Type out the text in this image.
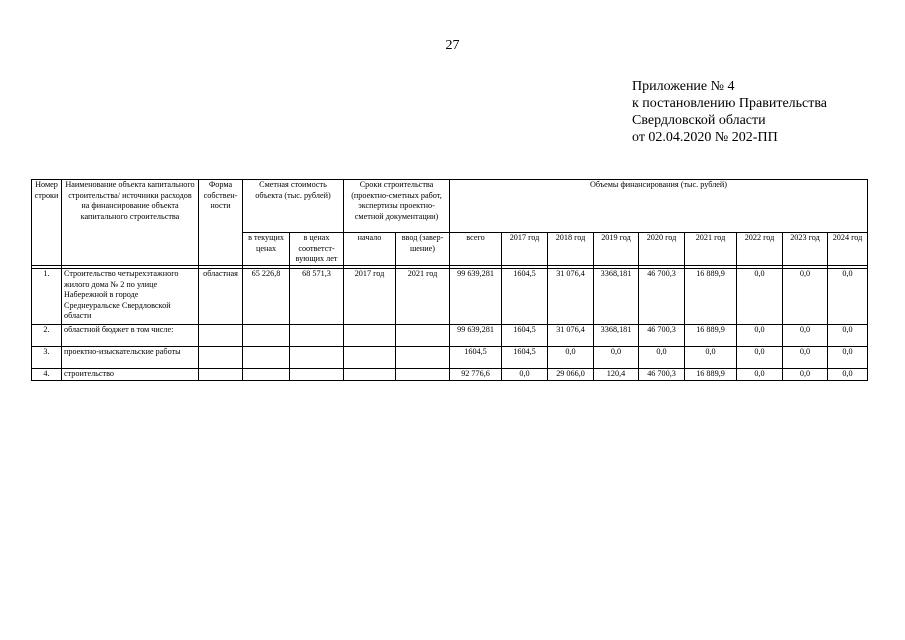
27
Приложение № 4
к постановлению Правительства
Свердловской области
от 02.04.2020 № 202-ПП
Номер строки	Наименование объекта капитального строительства/ источники расходов на финансирование объекта капитального строительства	Форма собствен-ности	Сметная стоимость объекта (тыс. рублей)		Сроки строительства (проектно-сметных работ, экспертизы проектно-сметной документации)		Объемы финансирования (тыс. рублей)								
			в текущих ценах	в ценах соответст-вующих лет	начало	ввод (завер-шение)	всего	2017 год	2018 год	2019 год	2020 год	2021 год	2022 год	2023 год	2024 год

1.	Строительство четырехэтажного жилого дома № 2 по улице Набережной в городе Среднеуральске Свердловской области	областная	65 226,8	68 571,3	2017 год	2021 год	99 639,281	1604,5	31 076,4	3368,181	46 700,3	16 889,9	0,0	0,0	0,0
2.	областной бюджет в том числе:						99 639,281	1604,5	31 076,4	3368,181	46 700,3	16 889,9	0,0	0,0	0,0
3.	проектно-изыскательские работы						1604,5	1604,5	0,0	0,0	0,0	0,0	0,0	0,0	0,0
4.	строительство						92 776,6	0,0	29 066,0	120,4	46 700,3	16 889,9	0,0	0,0	0,0
